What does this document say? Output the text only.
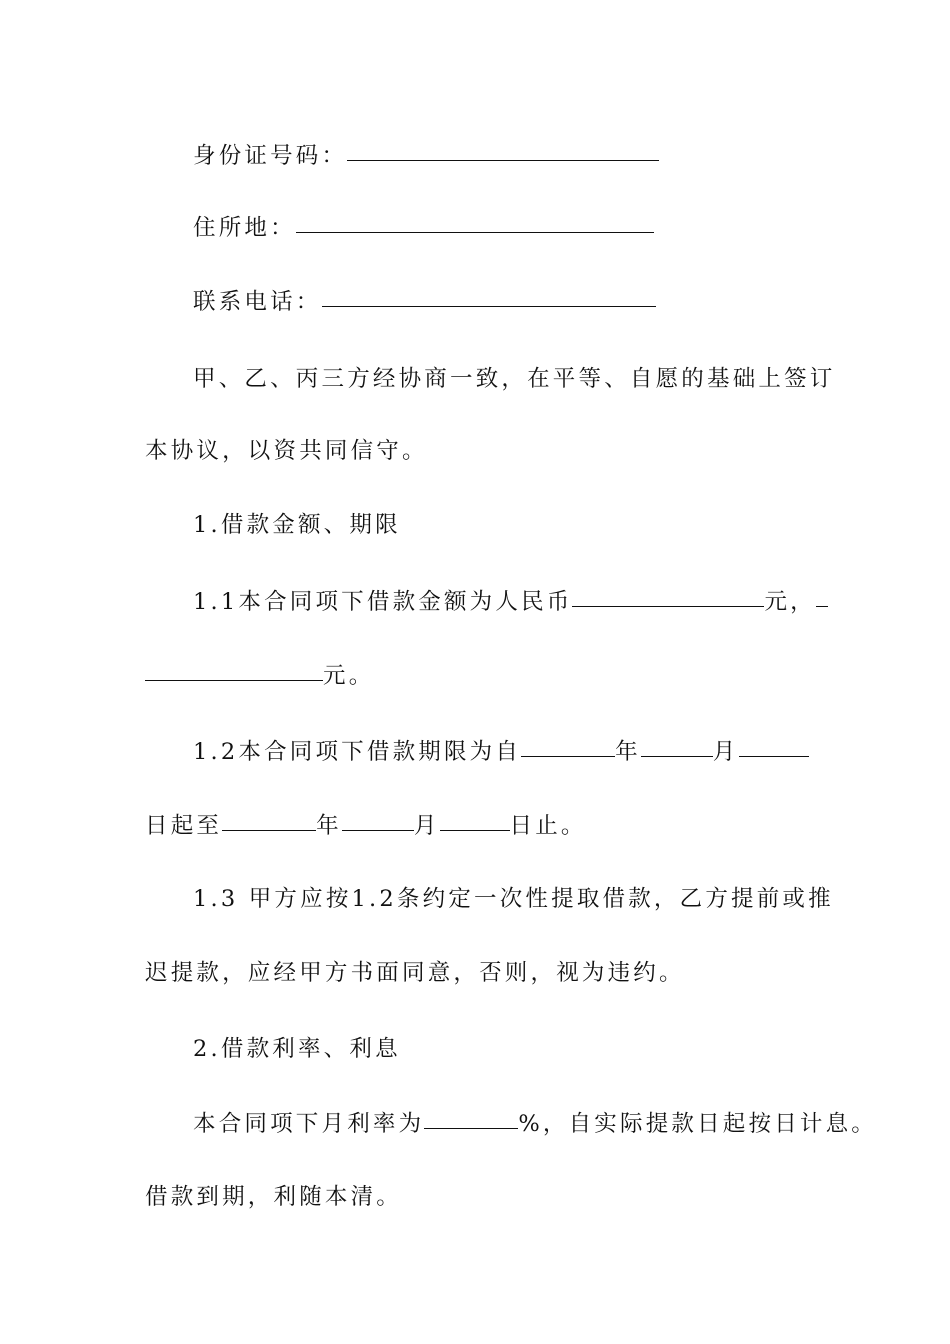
身份证号码：
住所地：
联系电话：
甲、乙、丙三方经协商一致，在平等、自愿的基础上签订
本协议，以资共同信守。
1.借款金额、期限
1.1本合同项下借款金额为人民币	元，
元。
1.2本合同项下借款期限为自	年	月
日起至	年	月	日止。
1.3 甲方应按1.2条约定一次性提取借款，乙方提前或推
迟提款，应经甲方书面同意，否则，视为违约。
2.借款利率、利息
本合同项下月利率为	%，自实际提款日起按日计息。
借款到期，利随本清。
